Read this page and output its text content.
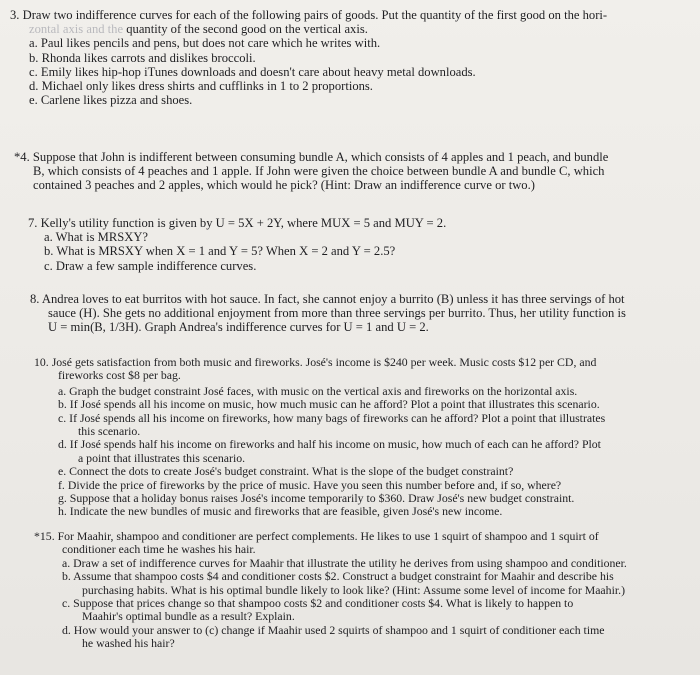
3. Draw two indifference curves for each of the following pairs of goods. Put the quantity of the first good on the hori-

zontal axis and the quantity of the second good on the vertical axis.

a. Paul likes pencils and pens, but does not care which he writes with.

b. Rhonda likes carrots and dislikes broccoli.

c. Emily likes hip-hop iTunes downloads and doesn't care about heavy metal downloads.

d. Michael only likes dress shirts and cufflinks in 1 to 2 proportions.

e. Carlene likes pizza and shoes.

*4. Suppose that John is indifferent between consuming bundle A, which consists of 4 apples and 1 peach, and bundle

B, which consists of 4 peaches and 1 apple. If John were given the choice between bundle A and bundle C, which

contained 3 peaches and 2 apples, which would he pick? (Hint: Draw an indifference curve or two.)

7. Kelly's utility function is given by U = 5X + 2Y, where MUX = 5 and MUY = 2.

a. What is MRSXY?

b. What is MRSXY when X = 1 and Y = 5? When X = 2 and Y = 2.5?

c. Draw a few sample indifference curves.

8. Andrea loves to eat burritos with hot sauce. In fact, she cannot enjoy a burrito (B) unless it has three servings of hot

sauce (H). She gets no additional enjoyment from more than three servings per burrito. Thus, her utility function is

U = min(B, 1/3H). Graph Andrea's indifference curves for U = 1 and U = 2.

10. José gets satisfaction from both music and fireworks. José's income is $240 per week. Music costs $12 per CD, and

fireworks cost $8 per bag.

a. Graph the budget constraint José faces, with music on the vertical axis and fireworks on the horizontal axis.

b. If José spends all his income on music, how much music can he afford? Plot a point that illustrates this scenario.

c. If José spends all his income on fireworks, how many bags of fireworks can he afford? Plot a point that illustrates

this scenario.

d. If José spends half his income on fireworks and half his income on music, how much of each can he afford? Plot

a point that illustrates this scenario.

e. Connect the dots to create José's budget constraint. What is the slope of the budget constraint?

f. Divide the price of fireworks by the price of music. Have you seen this number before and, if so, where?

g. Suppose that a holiday bonus raises José's income temporarily to $360. Draw José's new budget constraint.

h. Indicate the new bundles of music and fireworks that are feasible, given José's new income.

*15. For Maahir, shampoo and conditioner are perfect complements. He likes to use 1 squirt of shampoo and 1 squirt of

conditioner each time he washes his hair.

a. Draw a set of indifference curves for Maahir that illustrate the utility he derives from using shampoo and conditioner.

b. Assume that shampoo costs $4 and conditioner costs $2. Construct a budget constraint for Maahir and describe his

purchasing habits. What is his optimal bundle likely to look like? (Hint: Assume some level of income for Maahir.)

c. Suppose that prices change so that shampoo costs $2 and conditioner costs $4. What is likely to happen to

Maahir's optimal bundle as a result? Explain.

d. How would your answer to (c) change if Maahir used 2 squirts of shampoo and 1 squirt of conditioner each time

he washed his hair?
